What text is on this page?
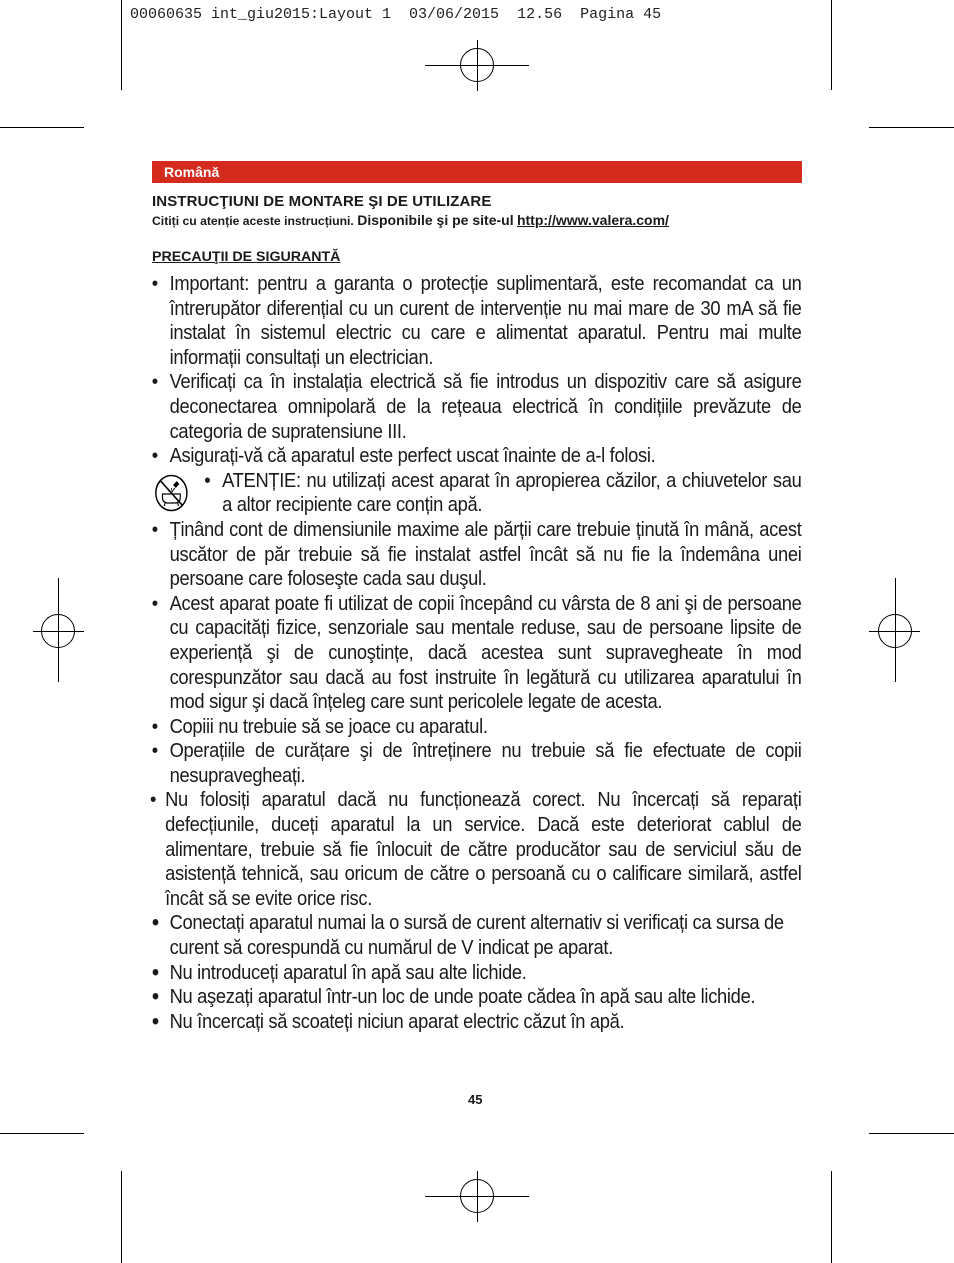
00060635 int_giu2015:Layout 1  03/06/2015  12.56  Pagina 45
Română
INSTRUCŢIUNI DE MONTARE ŞI DE UTILIZARE
Citiți cu atenție aceste instrucțiuni. Disponibile şi pe site-ul http://www.valera.com/
PRECAUŢII DE SIGURANTĂ
• Important: pentru a garanta o protecție suplimentară, este recomandat ca un întrerupător diferențial cu un curent de intervenție nu mai mare de 30 mA să fie instalat în sistemul electric cu care e alimentat aparatul. Pentru mai multe informații consultați un electrician.
• Verificați ca în instalația electrică să fie introdus un dispozitiv care să asigure deconectarea omnipolară de la rețeaua electrică în condițiile prevăzute de categoria de supratensiune III.
• Asigurați-vă că aparatul este perfect uscat înainte de a-l folosi.
• ATENȚIE: nu utilizați acest aparat în apropierea căzilor, a chiuvetelor sau a altor recipiente care conțin apă.
• Ținând cont de dimensiunile maxime ale părții care trebuie ținută în mână, acest uscător de păr trebuie să fie instalat astfel încât să nu fie la îndemâna unei persoane care foloseşte cada sau duşul.
• Acest aparat poate fi utilizat de copii începând cu vârsta de 8 ani şi de persoane cu capacități fizice, senzoriale sau mentale reduse, sau de persoane lipsite de experiență şi de cunoştințe, dacă acestea sunt supravegheate în mod corespunzător sau dacă au fost instruite în legătură cu utilizarea aparatului în mod sigur şi dacă înțeleg care sunt pericolele legate de acesta.
• Copiii nu trebuie să se joace cu aparatul.
• Operațiile de curățare şi de întreținere nu trebuie să fie efectuate de copii nesupravegheați.
• Nu folosiți aparatul dacă nu funcționează corect. Nu încercați să reparați defecțiunile, duceți aparatul la un service. Dacă este deteriorat cablul de alimentare, trebuie să fie înlocuit de către producător sau de serviciul său de asistență tehnică, sau oricum de către o persoană cu o calificare similară, astfel încât să se evite orice risc.
• Conectați aparatul numai la o sursă de curent alternativ si verificați ca sursa de curent să corespundă cu numărul de V indicat pe aparat.
• Nu introduceți aparatul în apă sau alte lichide.
• Nu aşezați aparatul într-un loc de unde poate cădea în apă sau alte lichide.
• Nu încercați să scoateți niciun aparat electric căzut în apă.
45
